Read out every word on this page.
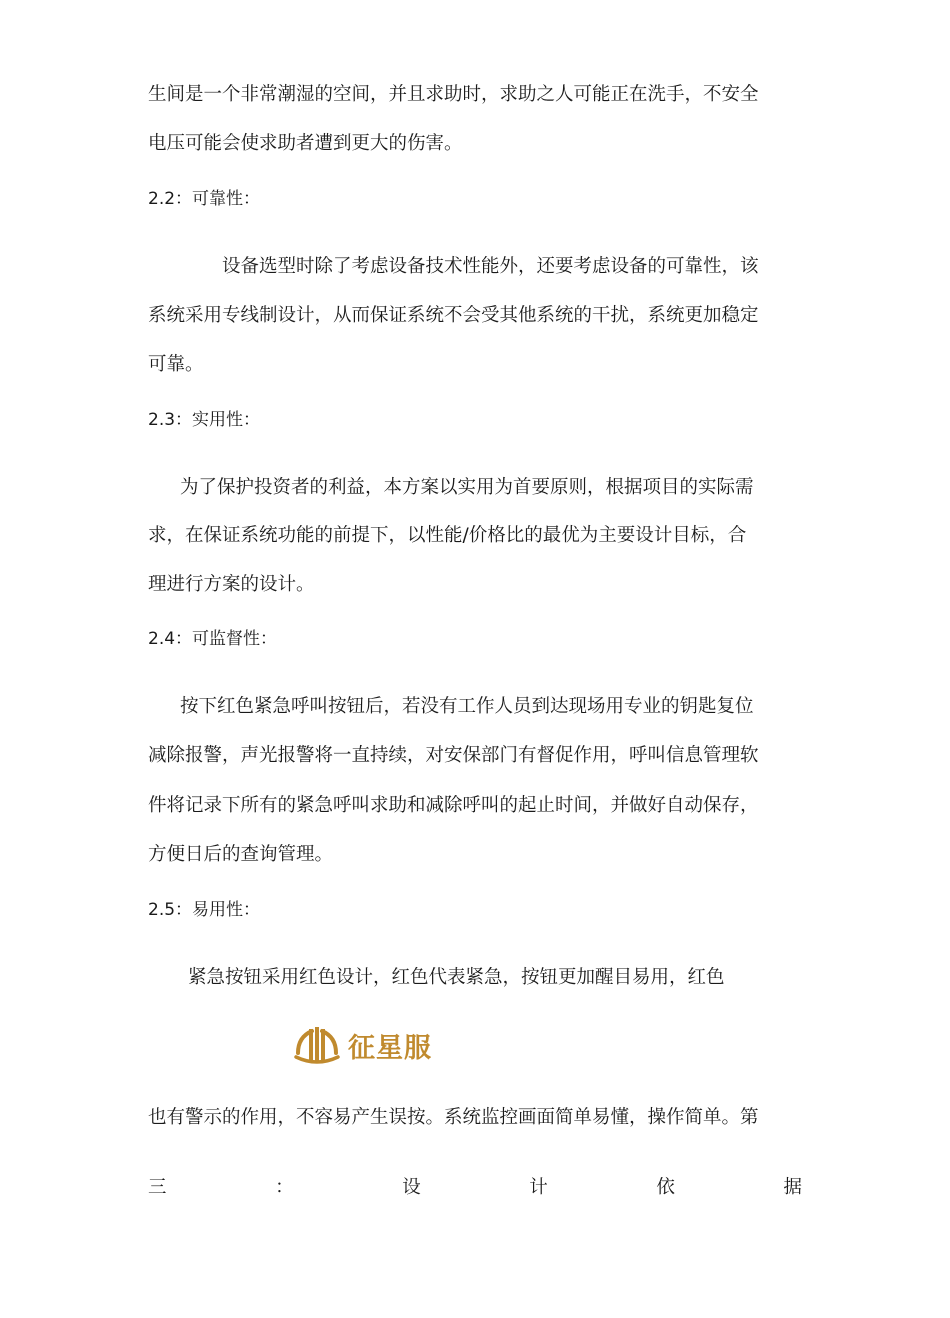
生间是一个非常潮湿的空间，并且求助时，求助之人可能正在洗手，不安全
电压可能会使求助者遭到更大的伤害。
2.2：可靠性：
设备选型时除了考虑设备技术性能外，还要考虑设备的可靠性，该
系统采用专线制设计，从而保证系统不会受其他系统的干扰，系统更加稳定
可靠。
2.3：实用性：
为了保护投资者的利益，本方案以实用为首要原则，根据项目的实际需
求，在保证系统功能的前提下，以性能/价格比的最优为主要设计目标，合
理进行方案的设计。
2.4：可监督性：
按下红色紧急呼叫按钮后，若没有工作人员到达现场用专业的钥匙复位
减除报警，声光报警将一直持续，对安保部门有督促作用，呼叫信息管理软
件将记录下所有的紧急呼叫求助和减除呼叫的起止时间，并做好自动保存，
方便日后的查询管理。
2.5：易用性：
紧急按钮采用红色设计，红色代表紧急，按钮更加醒目易用，红色
征星服
也有警示的作用，不容易产生误按。系统监控画面简单易懂，操作简单。第
三	：	设	计	依	据
